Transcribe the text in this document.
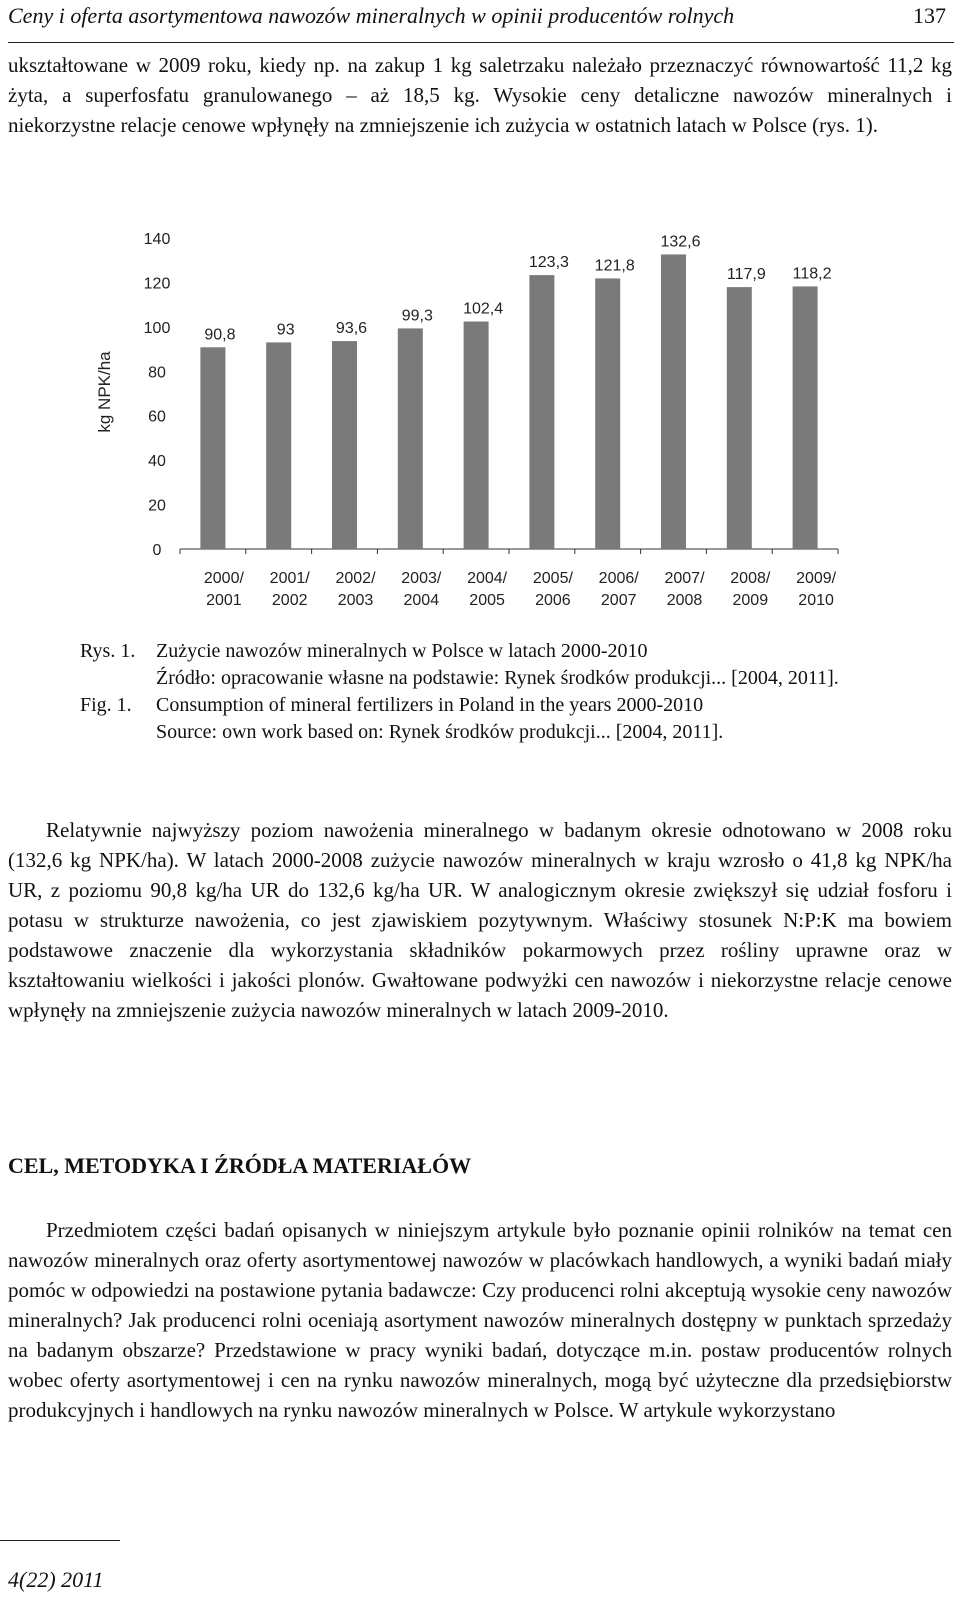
Ceny i oferta asortymentowa nawozów mineralnych w opinii producentów rolnych	137

ukształtowane w 2009 roku, kiedy np. na zakup 1 kg saletrzaku należało przeznaczyć równowartość 11,2 kg żyta, a superfosfatu granulowanego – aż 18,5 kg. Wysokie ceny detaliczne nawozów mineralnych i niekorzystne relacje cenowe wpłynęły na zmniejszenie ich zużycia w ostatnich latach w Polsce (rys. 1).

kg NPK/ha
0
20
40
60
80
100
120
140
90,8
2000/
2001
93
2001/
2002
93,6
2002/
2003
99,3
2003/
2004
102,4
2004/
2005
123,3
2005/
2006
121,8
2006/
2007
132,6
2007/
2008
117,9
2008/
2009
118,2
2009/
2010
Rys. 1.	Zużycie nawozów mineralnych w Polsce w latach 2000-2010
Źródło: opracowanie własne na podstawie: Rynek środków produkcji... [2004, 2011].
Fig. 1.	Consumption of mineral fertilizers in Poland in the years 2000-2010
Source: own work based on: Rynek środków produkcji... [2004, 2011].

Relatywnie najwyższy poziom nawożenia mineralnego w badanym okresie odnotowano w 2008 roku (132,6 kg NPK/ha). W latach 2000-2008 zużycie nawozów mineralnych w kraju wzrosło o 41,8 kg NPK/ha UR, z poziomu 90,8 kg/ha UR do 132,6 kg/ha UR. W analogicznym okresie zwiększył się udział fosforu i potasu w strukturze nawożenia, co jest zjawiskiem pozytywnym. Właściwy stosunek N:P:K ma bowiem podstawowe znaczenie dla wykorzystania składników pokarmowych przez rośliny uprawne oraz w kształtowaniu wielkości i jakości plonów. Gwałtowane podwyżki cen nawozów i niekorzystne relacje cenowe wpłynęły na zmniejszenie zużycia nawozów mineralnych w latach 2009-2010.

CEL, METODYKA I ŹRÓDŁA MATERIAŁÓW

Przedmiotem części badań opisanych w niniejszym artykule było poznanie opinii rolników na temat cen nawozów mineralnych oraz oferty asortymentowej nawozów w placówkach handlowych, a wyniki badań miały pomóc w odpowiedzi na postawione pytania badawcze: Czy producenci rolni akceptują wysokie ceny nawozów mineralnych? Jak producenci rolni oceniają asortyment nawozów mineralnych dostępny w punktach sprzedaży na badanym obszarze? Przedstawione w pracy wyniki badań, dotyczące m.in. postaw producentów rolnych wobec oferty asortymentowej i cen na rynku nawozów mineralnych, mogą być użyteczne dla przedsiębiorstw produkcyjnych i handlowych na rynku nawozów mineralnych w Polsce. W artykule wykorzystano

4(22) 2011
